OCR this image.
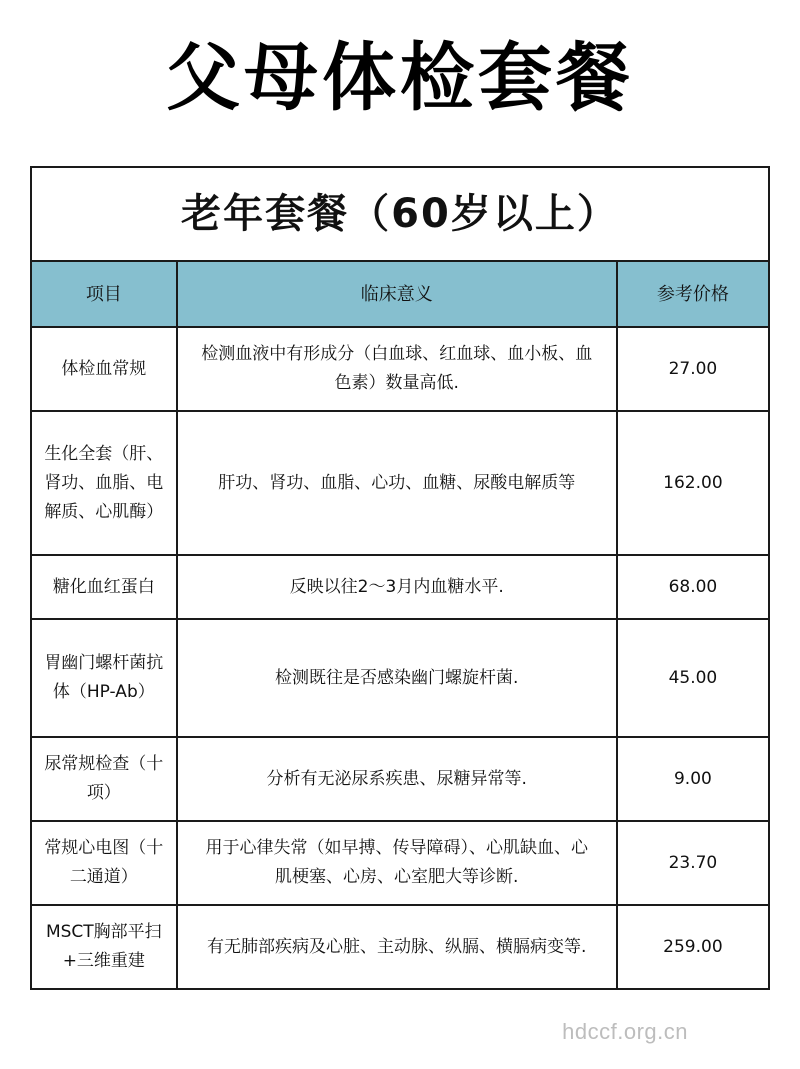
父母体检套餐
老年套餐（60岁以上）		
项目	临床意义	参考价格
体检血常规	检测血液中有形成分（白血球、红血球、血小板、血色素）数量高低.	27.00
生化全套（肝、肾功、血脂、电解质、心肌酶）	肝功、肾功、血脂、心功、血糖、尿酸电解质等	162.00
糖化血红蛋白	反映以往2～3月内血糖水平.	68.00
胃幽门螺杆菌抗体（HP-Ab）	检测既往是否感染幽门螺旋杆菌.	45.00
尿常规检查（十项）	分析有无泌尿系疾患、尿糖异常等.	9.00
常规心电图（十二通道）	用于心律失常（如早搏、传导障碍）、心肌缺血、心肌梗塞、心房、心室肥大等诊断.	23.70
MSCT胸部平扫+三维重建	有无肺部疾病及心脏、主动脉、纵膈、横膈病变等.	259.00
hdccf.org.cn
